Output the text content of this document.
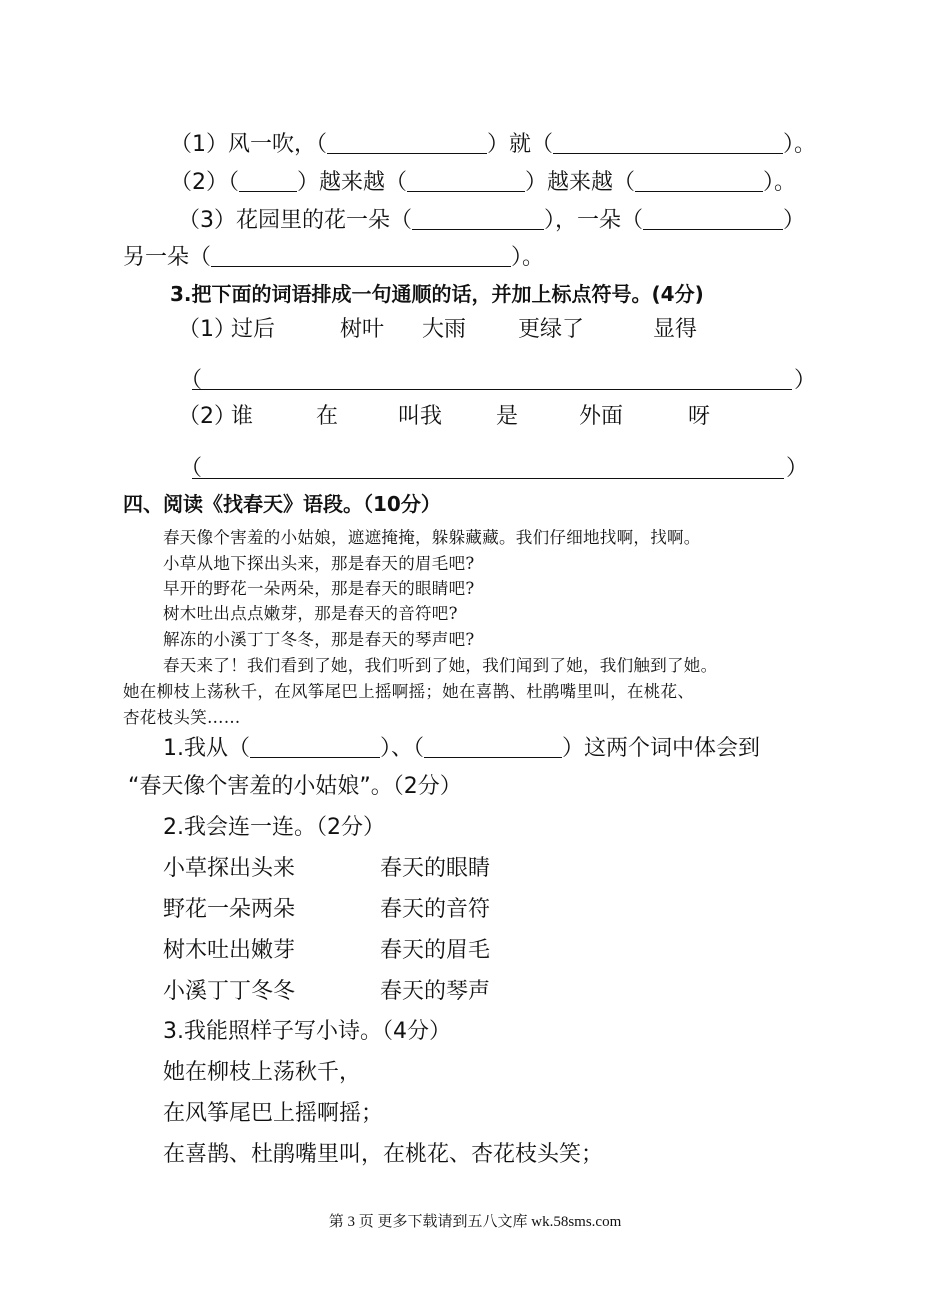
（1）风一吹，（	）就（	）。
（2）（	）越来越（	）越来越（	）。
（3）花园里的花一朵（	），一朵（	）
另一朵（	）。
3.把下面的词语排成一句通顺的话，并加上标点符号。(4分)
（1）
过后	树叶 大雨 更绿了	显得
（	）
（2）
谁	在	叫我 是	外面	呀
（	）
四、阅读《找春天》语段。（10分）
春天像个害羞的小姑娘，遮遮掩掩，躲躲藏藏。我们仔细地找啊，找啊。
小草从地下探出头来，那是春天的眉毛吧?
早开的野花一朵两朵，那是春天的眼睛吧?
树木吐出点点嫩芽，那是春天的音符吧?
解冻的小溪丁丁冬冬，那是春天的琴声吧?
春天来了！我们看到了她，我们听到了她，我们闻到了她，我们触到了她。
她在柳枝上荡秋千，在风筝尾巴上摇啊摇；她在喜鹊、杜鹃嘴里叫，在桃花、
杏花枝头笑……
1.我从（	）、（	）这两个词中体会到
“春天像个害羞的小姑娘”。（2分）
2.我会连一连。（2分）
小草探出头来	春天的眼睛
野花一朵两朵	春天的音符
树木吐出嫩芽	春天的眉毛
小溪丁丁冬冬	春天的琴声
3.我能照样子写小诗。（4分）
她在柳枝上荡秋千，
在风筝尾巴上摇啊摇；
在喜鹊、杜鹃嘴里叫，在桃花、杏花枝头笑；
第 3 页 更多下载请到五八文库 wk.58sms.com
